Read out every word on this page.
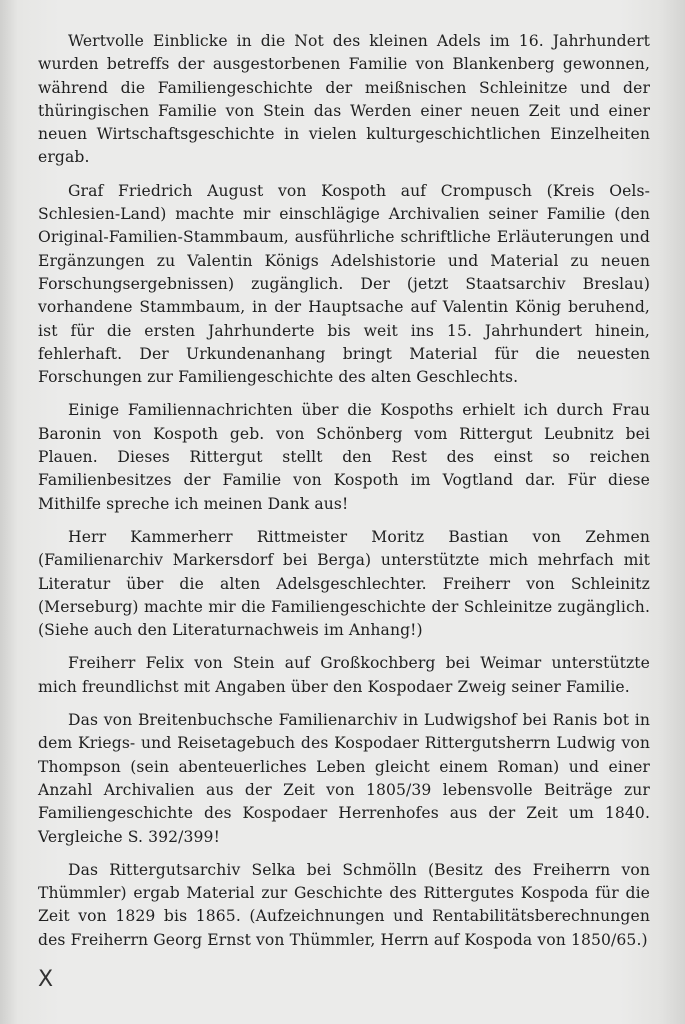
Wertvolle Einblicke in die Not des kleinen Adels im 16. Jahrhundert wurden betreffs der ausgestorbenen Familie von Blankenberg gewonnen, während die Familiengeschichte der meißnischen Schleinitze und der thüringischen Familie von Stein das Werden einer neuen Zeit und einer neuen Wirtschaftsgeschichte in vielen kulturgeschichtlichen Einzelheiten ergab.

Graf Friedrich August von Kospoth auf Crompusch (Kreis Oels-Schlesien-Land) machte mir einschlägige Archivalien seiner Familie (den Original-Familien-Stammbaum, ausführliche schriftliche Erläuterungen und Ergänzungen zu Valentin Königs Adelshistorie und Material zu neuen Forschungsergebnissen) zugänglich. Der (jetzt Staatsarchiv Breslau) vorhandene Stammbaum, in der Hauptsache auf Valentin König beruhend, ist für die ersten Jahrhunderte bis weit ins 15. Jahrhundert hinein, fehlerhaft. Der Urkundenanhang bringt Material für die neuesten Forschungen zur Familiengeschichte des alten Geschlechts.

Einige Familiennachrichten über die Kospoths erhielt ich durch Frau Baronin von Kospoth geb. von Schönberg vom Rittergut Leubnitz bei Plauen. Dieses Rittergut stellt den Rest des einst so reichen Familienbesitzes der Familie von Kospoth im Vogtland dar. Für diese Mithilfe spreche ich meinen Dank aus!

Herr Kammerherr Rittmeister Moritz Bastian von Zehmen (Familienarchiv Markersdorf bei Berga) unterstützte mich mehrfach mit Literatur über die alten Adelsgeschlechter. Freiherr von Schleinitz (Merseburg) machte mir die Familiengeschichte der Schleinitze zugänglich. (Siehe auch den Literaturnachweis im Anhang!)

Freiherr Felix von Stein auf Großkochberg bei Weimar unterstützte mich freundlichst mit Angaben über den Kospodaer Zweig seiner Familie.

Das von Breitenbuchsche Familienarchiv in Ludwigshof bei Ranis bot in dem Kriegs- und Reisetagebuch des Kospodaer Rittergutsherrn Ludwig von Thompson (sein abenteuerliches Leben gleicht einem Roman) und einer Anzahl Archivalien aus der Zeit von 1805/39 lebensvolle Beiträge zur Familiengeschichte des Kospodaer Herrenhofes aus der Zeit um 1840. Vergleiche S. 392/399!

Das Rittergutsarchiv Selka bei Schmölln (Besitz des Freiherrn von Thümmler) ergab Material zur Geschichte des Rittergutes Kospoda für die Zeit von 1829 bis 1865. (Aufzeichnungen und Rentabilitätsberechnungen des Freiherrn Georg Ernst von Thümmler, Herrn auf Kospoda von 1850/65.)

X
